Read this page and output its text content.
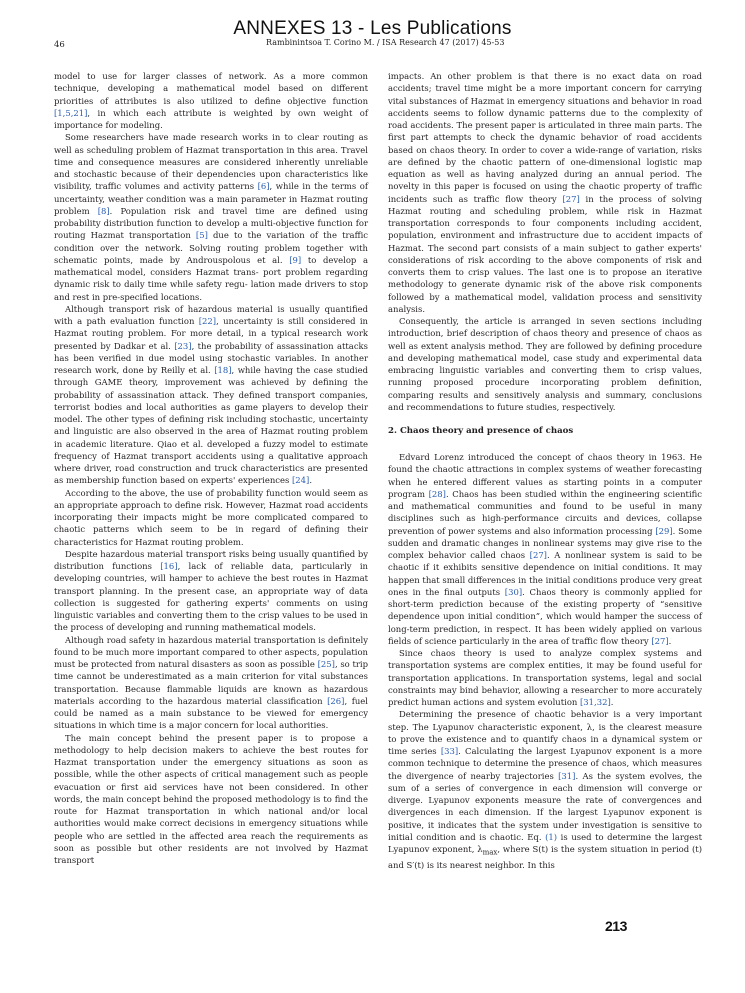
ANNEXES 13 - Les Publications
46	Rambinintsoa T. Corino M. / ISA Research 47 (2017) 45-53

model to use for larger classes of network. As a more common technique, developing a mathematical model based on different priorities of attributes is also utilized to define objective function [1,5,21], in which each attribute is weighted by own weight of importance for modeling.

Some researchers have made research works in to clear routing as well as scheduling problem of Hazmat transportation in this area. Travel time and consequence measures are considered inherently unreliable and stochastic because of their dependencies upon characteristics like visibility, traffic volumes and activity patterns [6], while in the terms of uncertainty, weather condition was a main parameter in Hazmat routing problem [8]. Population risk and travel time are defined using probability distribution function to develop a multi-objective function for routing Hazmat transportation [5] due to the variation of the traffic condition over the network. Solving routing problem together with schematic points, made by Androuspolous et al. [9] to develop a mathematical model, considers Hazmat trans- port problem regarding dynamic risk to daily time while safety regu- lation made drivers to stop and rest in pre-specified locations.

Although transport risk of hazardous material is usually quantified with a path evaluation function [22], uncertainty is still considered in Hazmat routing problem. For more detail, in a typical research work presented by Dadkar et al. [23], the probability of assassination attacks has been verified in due model using stochastic variables. In another research work, done by Reilly et al. [18], while having the case studied through GAME theory, improvement was achieved by defining the probability of assassination attack. They defined transport companies, terrorist bodies and local authorities as game players to develop their model. The other types of defining risk including stochastic, uncertainty and linguistic are also observed in the area of Hazmat routing problem in academic literature. Qiao et al. developed a fuzzy model to estimate frequency of Hazmat transport accidents using a qualitative approach where driver, road construction and truck characteristics are presented as membership function based on experts' experiences [24].

According to the above, the use of probability function would seem as an appropriate approach to define risk. However, Hazmat road accidents incorporating their impacts might be more complicated compared to chaotic patterns which seem to be in regard of defining their characteristics for Hazmat routing problem.

Despite hazardous material transport risks being usually quantified by distribution functions [16], lack of reliable data, particularly in developing countries, will hamper to achieve the best routes in Hazmat transport planning. In the present case, an appropriate way of data collection is suggested for gathering experts' comments on using linguistic variables and converting them to the crisp values to be used in the process of developing and running mathematical models.

Although road safety in hazardous material transportation is definitely found to be much more important compared to other aspects, population must be protected from natural disasters as soon as possible [25], so trip time cannot be underestimated as a main criterion for vital substances transportation. Because flammable liquids are known as hazardous materials according to the hazardous material classification [26], fuel could be named as a main substance to be viewed for emergency situations in which time is a major concern for local authorities.

The main concept behind the present paper is to propose a methodology to help decision makers to achieve the best routes for Hazmat transportation under the emergency situations as soon as possible, while the other aspects of critical management such as people evacuation or first aid services have not been considered. In other words, the main concept behind the proposed methodology is to find the route for Hazmat transportation in which national and/or local authorities would make correct decisions in emergency situations while people who are settled in the affected area reach the requirements as soon as possible but other residents are not involved by Hazmat transport

impacts. An other problem is that there is no exact data on road accidents; travel time might be a more important concern for carrying vital substances of Hazmat in emergency situations and behavior in road accidents seems to follow dynamic patterns due to the complexity of road accidents. The present paper is articulated in three main parts. The first part attempts to check the dynamic behavior of road accidents based on chaos theory. In order to cover a wide-range of variation, risks are defined by the chaotic pattern of one-dimensional logistic map equation as well as having analyzed during an annual period. The novelty in this paper is focused on using the chaotic property of traffic incidents such as traffic flow theory [27] in the process of solving Hazmat routing and scheduling problem, while risk in Hazmat transportation corresponds to four components including accident, population, environment and infrastructure due to accident impacts of Hazmat. The second part consists of a main subject to gather experts' considerations of risk according to the above components of risk and converts them to crisp values. The last one is to propose an iterative methodology to generate dynamic risk of the above risk components followed by a mathematical model, validation process and sensitivity analysis.

Consequently, the article is arranged in seven sections including introduction, brief description of chaos theory and presence of chaos as well as extent analysis method. They are followed by defining procedure and developing mathematical model, case study and experimental data embracing linguistic variables and converting them to crisp values, running proposed procedure incorporating problem definition, comparing results and sensitively analysis and summary, conclusions and recommendations to future studies, respectively.

2. Chaos theory and presence of chaos

Edvard Lorenz introduced the concept of chaos theory in 1963. He found the chaotic attractions in complex systems of weather forecasting when he entered different values as starting points in a computer program [28]. Chaos has been studied within the engineering scientific and mathematical communities and found to be useful in many disciplines such as high-performance circuits and devices, collapse prevention of power systems and also information processing [29]. Some sudden and dramatic changes in nonlinear systems may give rise to the complex behavior called chaos [27]. A nonlinear system is said to be chaotic if it exhibits sensitive dependence on initial conditions. It may happen that small differences in the initial conditions produce very great ones in the final outputs [30]. Chaos theory is commonly applied for short-term prediction because of the existing property of “sensitive dependence upon initial condition”, which would hamper the success of long-term prediction, in respect. It has been widely applied on various fields of science particularly in the area of traffic flow theory [27].

Since chaos theory is used to analyze complex systems and transportation systems are complex entities, it may be found useful for transportation applications. In transportation systems, legal and social constraints may bind behavior, allowing a researcher to more accurately predict human actions and system evolution [31,32].

Determining the presence of chaotic behavior is a very important step. The Lyapunov characteristic exponent, λ, is the clearest measure to prove the existence and to quantify chaos in a dynamical system or time series [33]. Calculating the largest Lyapunov exponent is a more common technique to determine the presence of chaos, which measures the divergence of nearby trajectories [31]. As the system evolves, the sum of a series of convergence in each dimension will converge or diverge. Lyapunov exponents measure the rate of convergences and divergences in each dimension. If the largest Lyapunov exponent is positive, it indicates that the system under investigation is sensitive to initial condition and is chaotic. Eq. (1) is used to determine the largest Lyapunov exponent, $\lambda_{max}$, where S(t) is the system situation in period (t) and S′(t) is its nearest neighbor. In this

213
